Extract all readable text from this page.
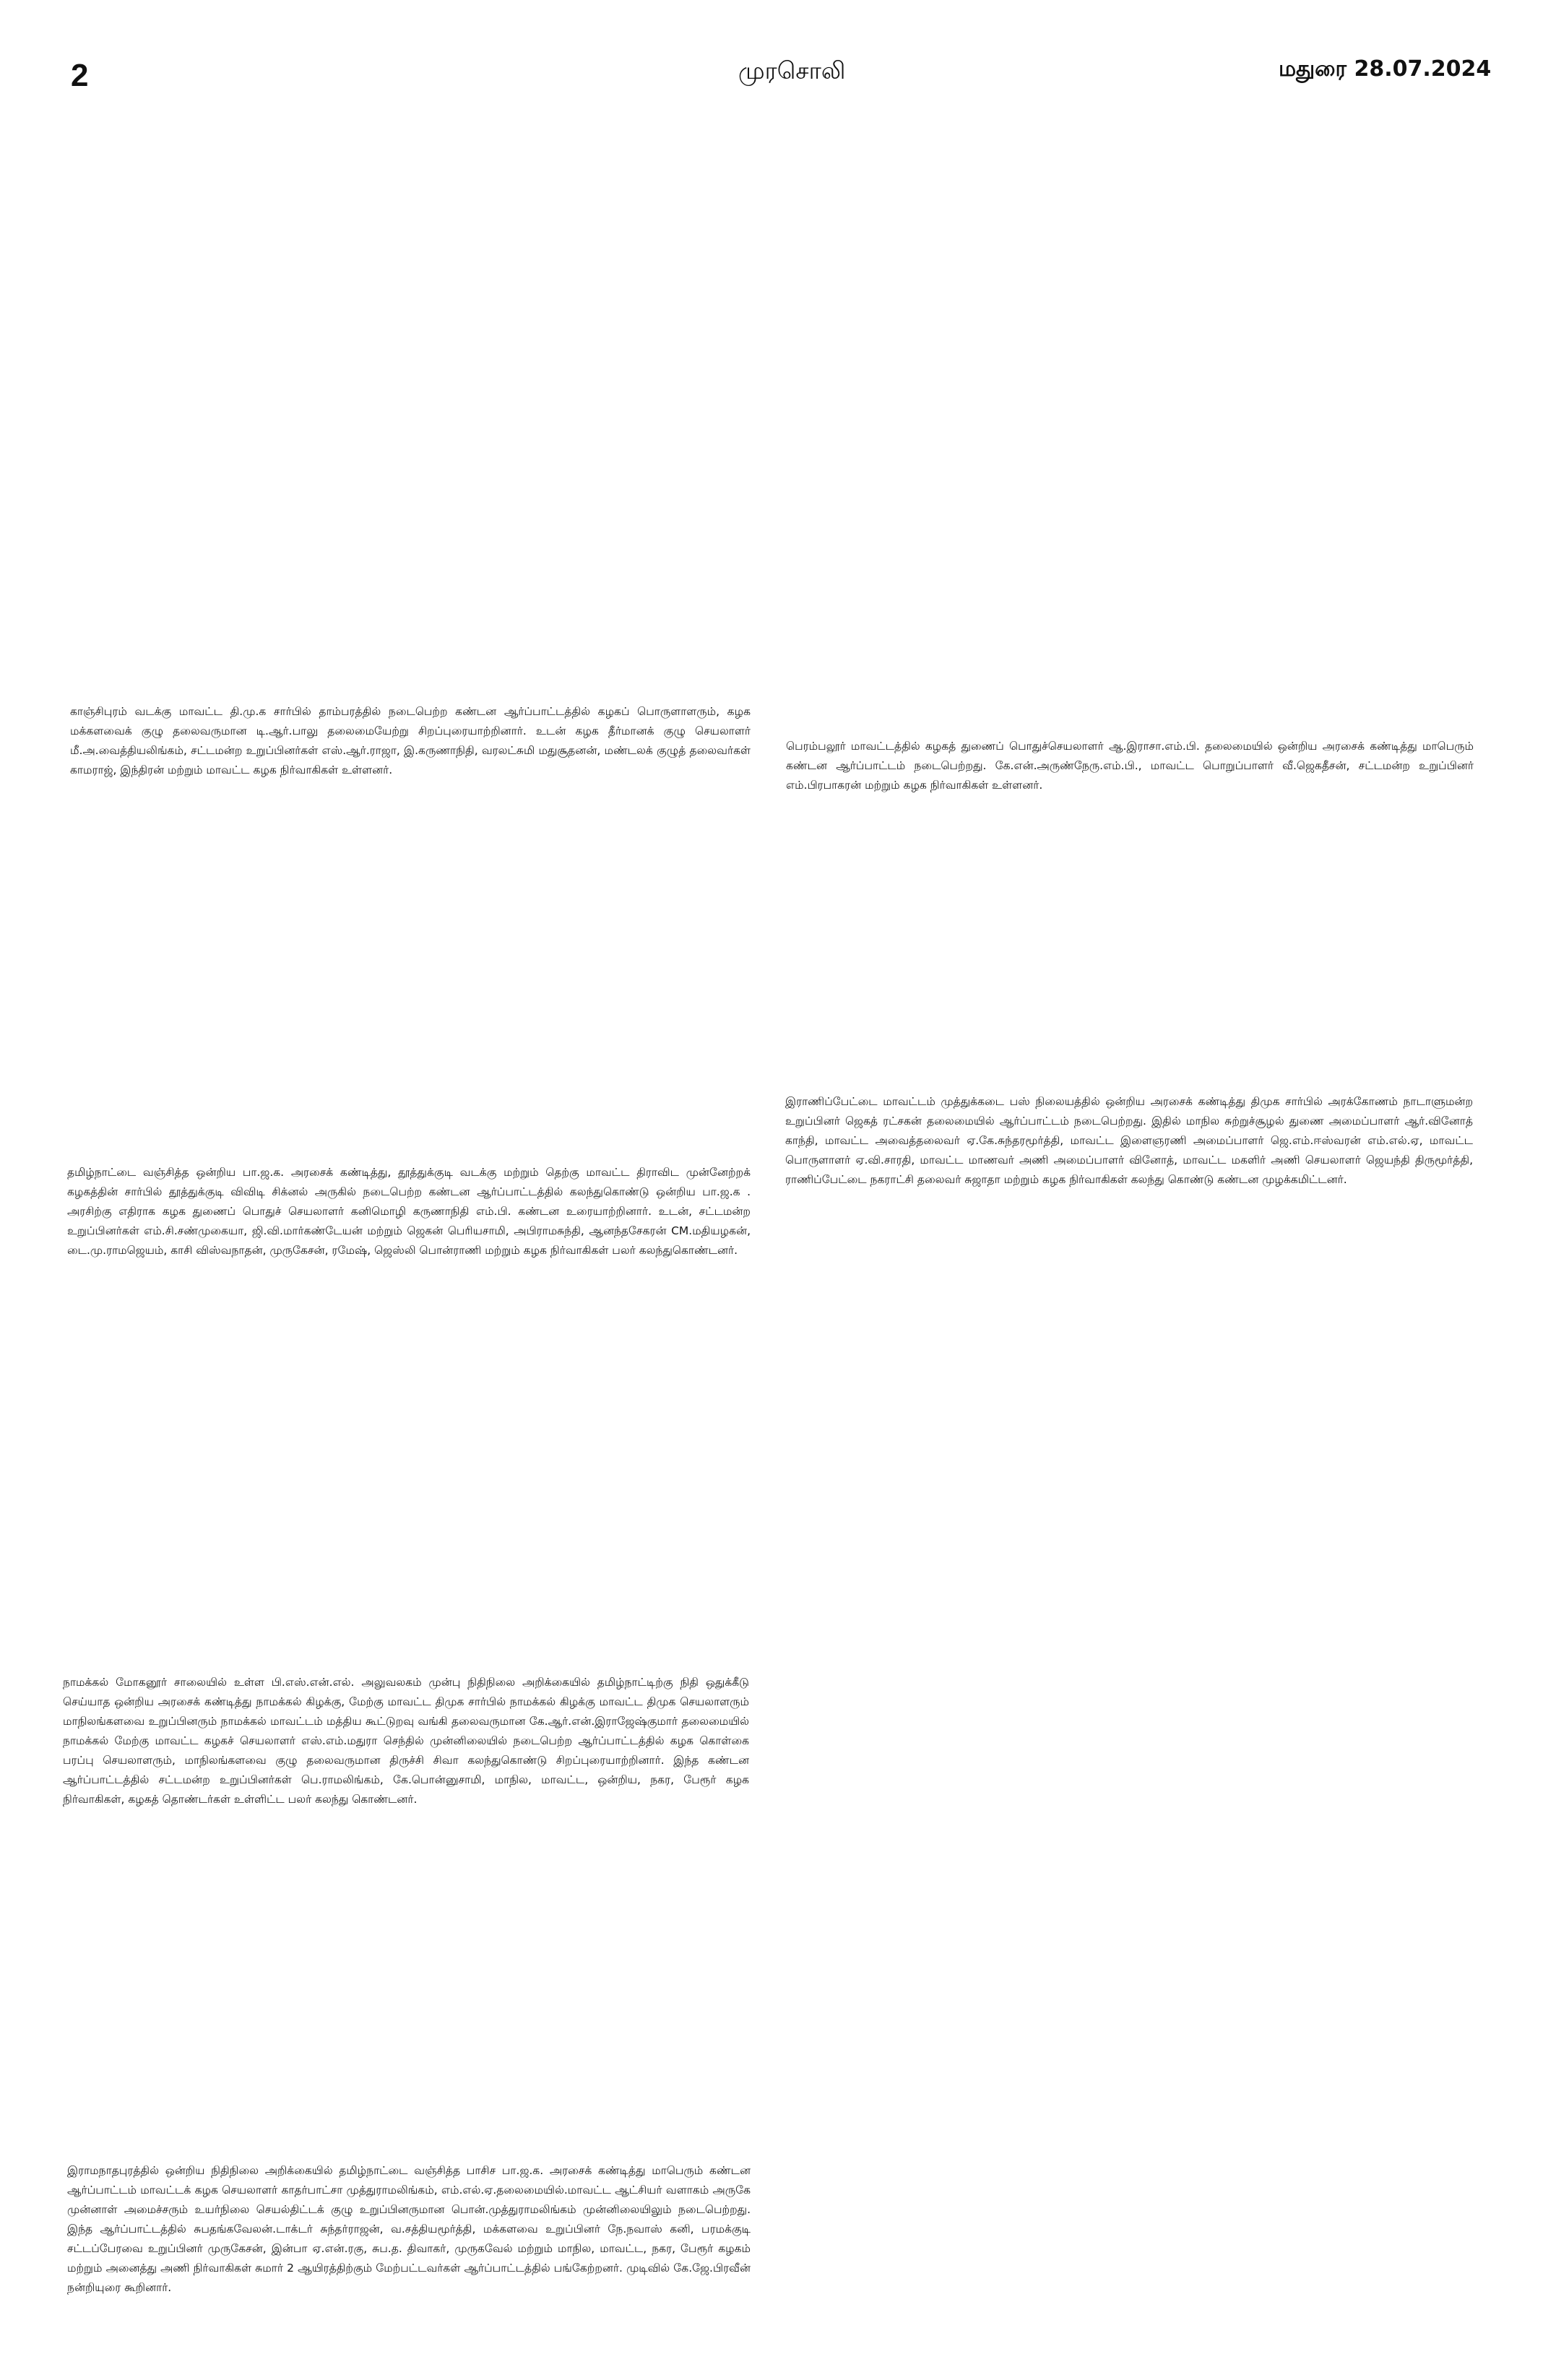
2	முரசொலி	மதுரை 28.07.2024

காஞ்சிபுரம் வடக்கு மாவட்ட தி.மு.க சார்பில் தாம்பரத்தில் நடைபெற்ற கண்டன ஆர்ப்பாட்டத்தில் கழகப் பொருளாளரும், கழக மக்களவைக் குழு தலைவருமான டி.ஆர்.பாலு தலைமையேற்று சிறப்புரையாற்றினார். உடன் கழக தீர்மானக் குழு செயலாளர் மீ.அ.வைத்தியலிங்கம், சட்டமன்ற உறுப்பினர்கள் எஸ்.ஆர்.ராஜா, இ.கருணாநிதி, வரலட்சுமி மதுசூதனன், மண்டலக் குழுத் தலைவர்கள் காமராஜ், இந்திரன் மற்றும் மாவட்ட கழக நிர்வாகிகள் உள்ளனர்.

பெரம்பலூர் மாவட்டத்தில் கழகத் துணைப் பொதுச்செயலாளர் ஆ.இராசா.எம்.பி. தலைமையில் ஒன்றிய அரசைக் கண்டித்து மாபெரும் கண்டன ஆர்ப்பாட்டம் நடைபெற்றது. கே.என்.அருண்நேரு.எம்.பி., மாவட்ட பொறுப்பாளர் வீ.ஜெகதீசன், சட்டமன்ற உறுப்பினர் எம்.பிரபாகரன் மற்றும் கழக நிர்வாகிகள் உள்ளனர்.

இராணிப்பேட்டை மாவட்டம் முத்துக்கடை பஸ் நிலையத்தில் ஒன்றிய அரசைக் கண்டித்து திமுக சார்பில் அரக்கோணம் நாடாளுமன்ற உறுப்பினர் ஜெகத் ரட்சகன் தலைமையில் ஆர்ப்பாட்டம் நடைபெற்றது. இதில் மாநில சுற்றுச்சூழல் துணை அமைப்பாளர் ஆர்.வினோத் காந்தி, மாவட்ட அவைத்தலைவர் ஏ.கே.சுந்தரமூர்த்தி, மாவட்ட இளைஞரணி அமைப்பாளர் ஜெ.எம்.ஈஸ்வரன் எம்.எல்.ஏ, மாவட்ட பொருளாளர் ஏ.வி.சாரதி, மாவட்ட மாணவர் அணி அமைப்பாளர் வினோத், மாவட்ட மகளிர் அணி செயலாளர் ஜெயந்தி திருமூர்த்தி, ராணிப்பேட்டை நகராட்சி தலைவர் சுஜாதா மற்றும் கழக நிர்வாகிகள் கலந்து கொண்டு கண்டன முழக்கமிட்டனர்.

தமிழ்நாட்டை வஞ்சித்த ஒன்றிய பா.ஜ.க. அரசைக் கண்டித்து, தூத்துக்குடி வடக்கு மற்றும் தெற்கு மாவட்ட திராவிட முன்னேற்றக் கழகத்தின் சார்பில் தூத்துக்குடி விவிடி சிக்னல் அருகில் நடைபெற்ற கண்டன ஆர்ப்பாட்டத்தில் கலந்துகொண்டு ஒன்றிய பா.ஜ.க . அரசிற்கு எதிராக கழக துணைப் பொதுச் செயலாளர் கனிமொழி கருணாநிதி எம்.பி. கண்டன உரையாற்றினார். உடன், சட்டமன்ற உறுப்பினர்கள் எம்.சி.சண்முகையா, ஜி.வி.மார்கண்டேயன் மற்றும் ஜெகன் பெரியசாமி, அபிராமசுந்தி, ஆனந்தசேகரன் CM.மதியழகன், டை.மு.ராமஜெயம், காசி விஸ்வநாதன், முருகேசன், ரமேஷ், ஜெஸ்லி பொன்ராணி மற்றும் கழக நிர்வாகிகள் பலர் கலந்துகொண்டனர்.

நாமக்கல் மோகனூர் சாலையில் உள்ள பி.எஸ்.என்.எல். அலுவலகம் முன்பு நிதிநிலை அறிக்கையில் தமிழ்நாட்டிற்கு நிதி ஒதுக்கீடு செய்யாத ஒன்றிய அரசைக் கண்டித்து நாமக்கல் கிழக்கு, மேற்கு மாவட்ட திமுக சார்பில் நாமக்கல் கிழக்கு மாவட்ட திமுக செயலாளரும் மாநிலங்களவை உறுப்பினரும் நாமக்கல் மாவட்டம் மத்திய கூட்டுறவு வங்கி தலைவருமான கே.ஆர்.என்.இராஜேஷ்குமார் தலைமையில் நாமக்கல் மேற்கு மாவட்ட கழகச் செயலாளர் எஸ்.எம்.மதுரா செந்தில் முன்னிலையில் நடைபெற்ற ஆர்ப்பாட்டத்தில் கழக கொள்கை பரப்பு செயலாளரும், மாநிலங்களவை குழு தலைவருமான திருச்சி சிவா கலந்துகொண்டு சிறப்புரையாற்றினார். இந்த கண்டன ஆர்ப்பாட்டத்தில் சட்டமன்ற உறுப்பினர்கள் பெ.ராமலிங்கம், கே.பொன்னுசாமி, மாநில, மாவட்ட, ஒன்றிய, நகர, பேரூர் கழக நிர்வாகிகள், கழகத் தொண்டர்கள் உள்ளிட்ட பலர் கலந்து கொண்டனர்.

இராமநாதபுரத்தில் ஒன்றிய நிதிநிலை அறிக்கையில் தமிழ்நாட்டை வஞ்சித்த பாசிச பா.ஜ.க. அரசைக் கண்டித்து மாபெரும் கண்டன ஆர்ப்பாட்டம் மாவட்டக் கழக செயலாளர் காதர்பாட்சா முத்துராமலிங்கம், எம்.எல்.ஏ.தலைமையில்.மாவட்ட ஆட்சியர் வளாகம் அருகே முன்னாள் அமைச்சரும் உயர்நிலை செயல்திட்டக் குழு உறுப்பினருமான பொன்.முத்துராமலிங்கம் முன்னிலையிலும் நடைபெற்றது. இந்த ஆர்ப்பாட்டத்தில் சுபதங்கவேலன்.டாக்டர் சுந்தர்ராஜன், வ.சத்தியமூர்த்தி, மக்களவை உறுப்பினர் நே.நவாஸ் கனி, பரமக்குடி சட்டப்பேரவை உறுப்பினர் முருகேசன், இன்பா ஏ.என்.ரகு, சுப.த. திவாகர், முருகவேல் மற்றும் மாநில, மாவட்ட, நகர, பேரூர் கழகம் மற்றும் அனைத்து அணி நிர்வாகிகள் சுமார் 2 ஆயிரத்திற்கும் மேற்பட்டவர்கள் ஆர்ப்பாட்டத்தில் பங்கேற்றனர். முடிவில் கே.ஜே.பிரவீன் நன்றியுரை கூறினார்.
